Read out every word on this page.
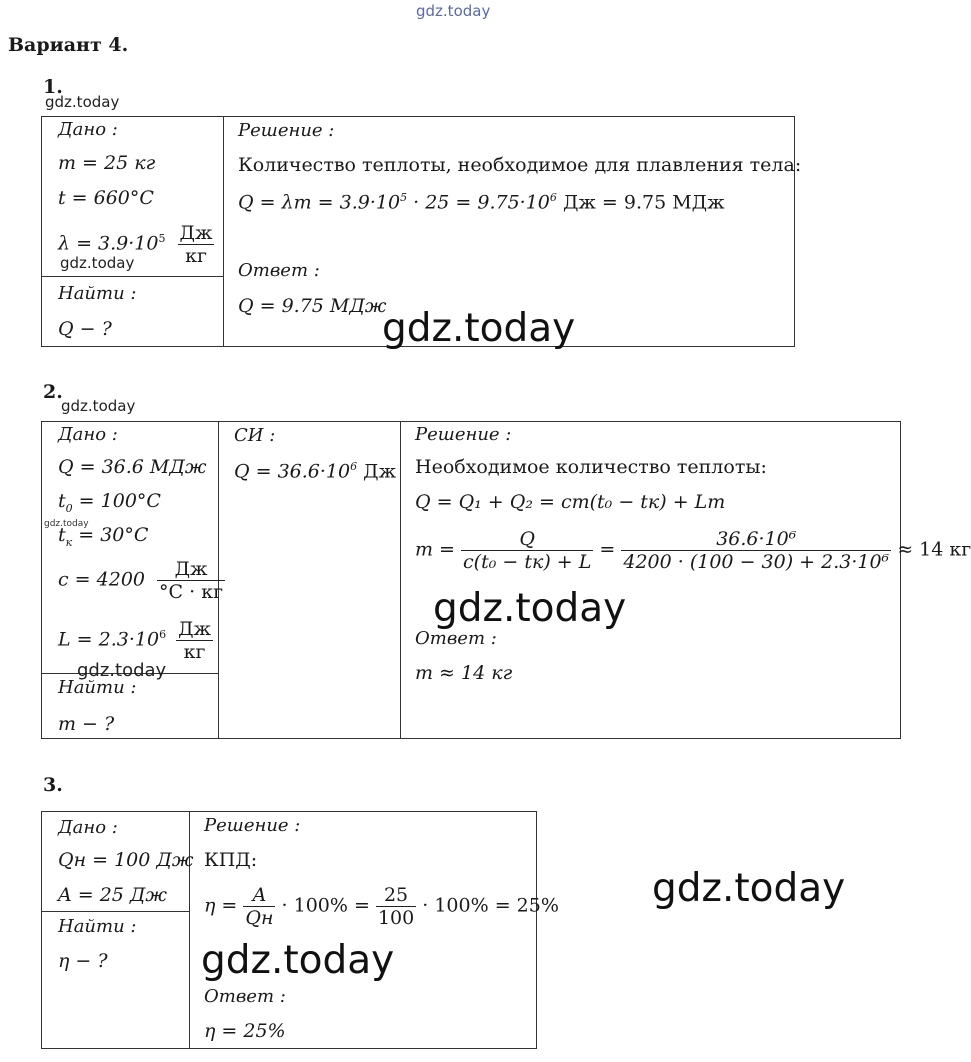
gdz.today
Вариант 4.
1.
gdz.today
Дано :
m = 25 кг
t = 660°C
$\lambda = 3.9\cdot 10^5 \frac{Дж}{кг}$
gdz.today
Найти :
Q − ?
Решение :
Количество теплоты, необходимое для плавления тела:
$Q = \lambda m = 3.9\cdot 10^5 \cdot 25 = 9.75\cdot 10^6$ Дж = 9.75 МДж
Ответ :
Q = 9.75 МДж
gdz.today
2.
gdz.today
Дано :
Q = 36.6 МДж
$t_0 = 100^\circ C$
gdz.today
$t_к = 30^\circ C$
$c = 4200 \frac{Дж}{^\circ C \cdot кг}$
$L = 2.3\cdot 10^6 \frac{Дж}{кг}$
gdz.today
Найти :
m − ?
СИ :
$Q = 36.6\cdot 10^6$ Дж
Решение :
Необходимое количество теплоты:
Q = Q₁ + Q₂ = cm(t₀ − tк) + Lm
$m = \frac{Q}{\text{c(t₀ − tк) + L}} = \frac{\text{36.6·10⁶}}{\text{4200 · (100 − 30) + 2.3·10⁶}} \approx 14$ кг
gdz.today
Ответ :
m ≈ 14 кг
3.
Дано :
Qн = 100 Дж
A = 25 Дж
Найти :
η − ?
Решение :
КПД:
$\eta = \frac{A}{Qн} \cdot 100\% = \frac{25}{100} \cdot 100\% = 25\%$
gdz.today
Ответ :
η = 25%
gdz.today
